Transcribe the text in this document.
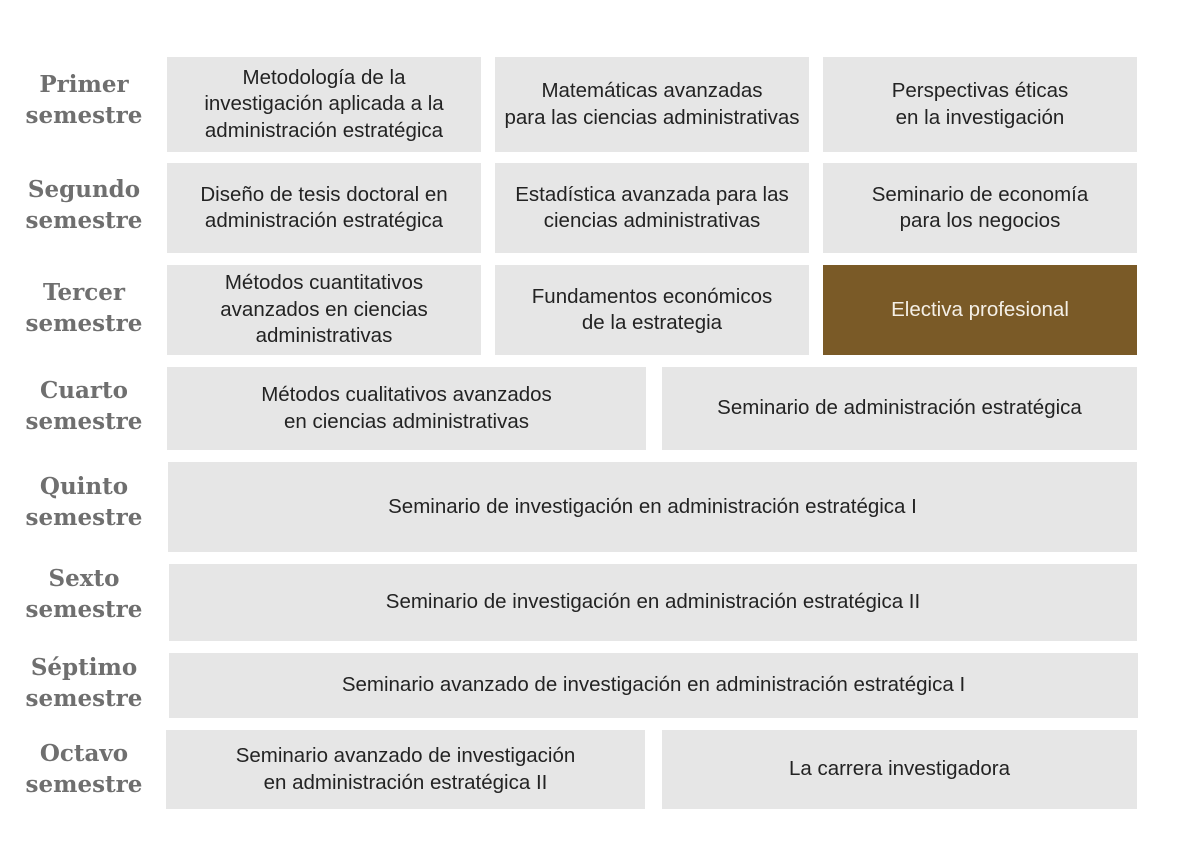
Primer
semestre
Metodología de la
investigación aplicada a la
administración estratégica
Matemáticas avanzadas
para las ciencias administrativas
Perspectivas éticas
en la investigación
Segundo
semestre
Diseño de tesis doctoral en
administración estratégica
Estadística avanzada para las
ciencias administrativas
Seminario de economía
para los negocios
Tercer
semestre
Métodos cuantitativos
avanzados en ciencias
administrativas
Fundamentos económicos
de la estrategia
Electiva profesional
Cuarto
semestre
Métodos cualitativos avanzados
en ciencias administrativas
Seminario de administración estratégica
Quinto
semestre	Seminario de investigación en administración estratégica I
Sexto
semestre	Seminario de investigación en administración estratégica II
Séptimo
semestre
Seminario avanzado de investigación en administración estratégica I
Octavo
semestre
Seminario avanzado de investigación
en administración estratégica II
La carrera investigadora
